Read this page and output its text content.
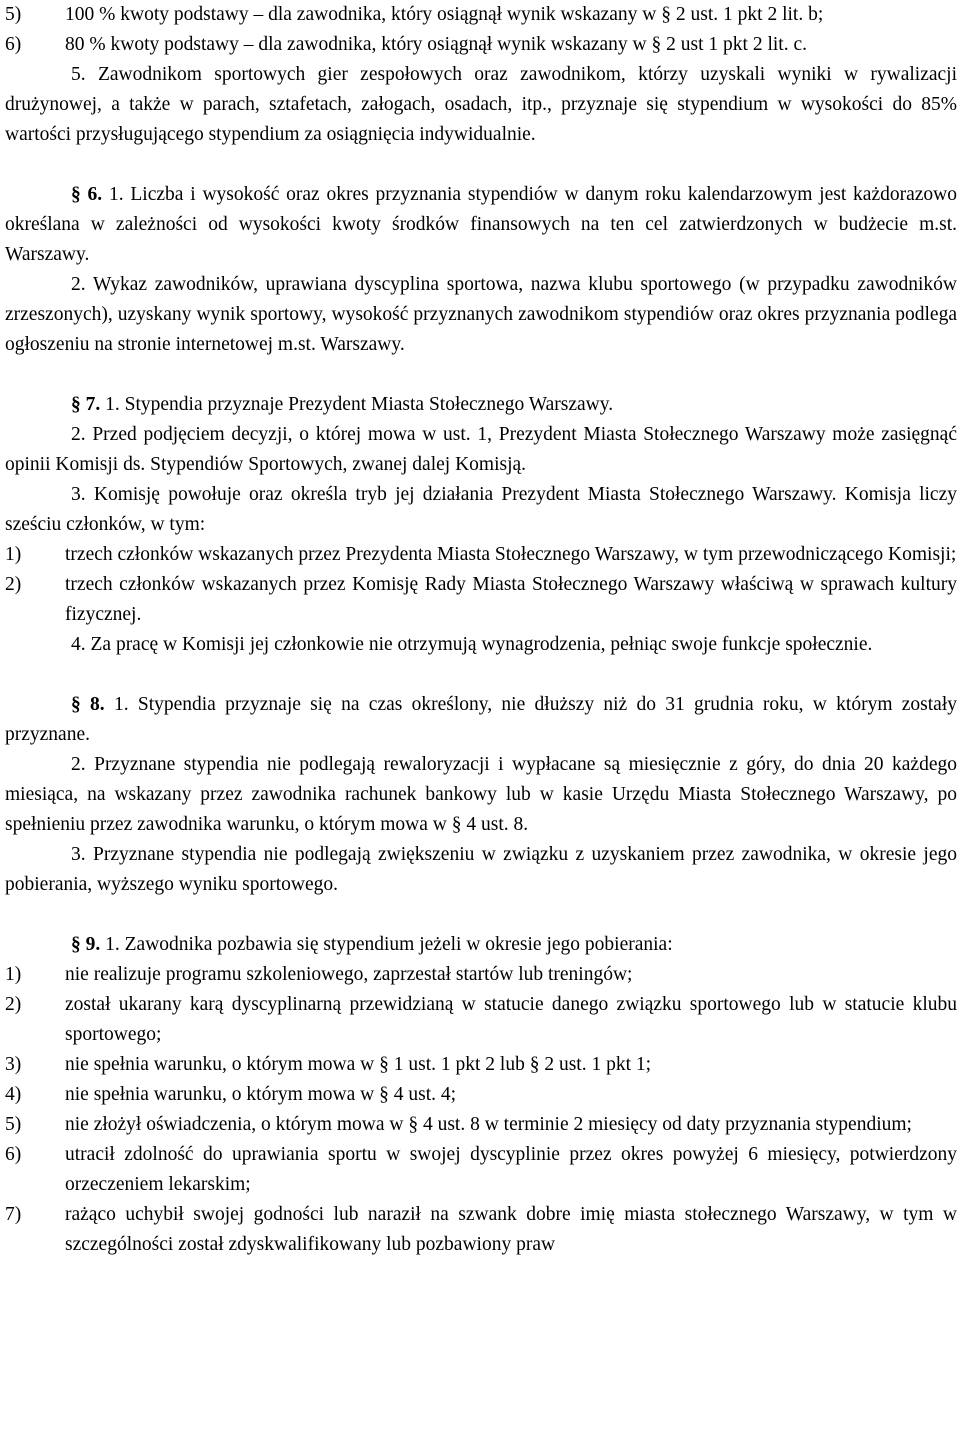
5)	100 % kwoty podstawy – dla zawodnika, który osiągnął wynik wskazany w § 2 ust. 1 pkt 2 lit. b;
6)	80 % kwoty podstawy – dla zawodnika, który osiągnął wynik wskazany w § 2 ust 1 pkt 2 lit. c.

5. Zawodnikom sportowych gier zespołowych oraz zawodnikom, którzy uzyskali wyniki w rywalizacji drużynowej, a także w parach, sztafetach, załogach, osadach, itp., przyznaje się stypendium w wysokości do 85% wartości przysługującego stypendium za osiągnięcia indywidualnie.

§ 6. 1. Liczba i wysokość oraz okres przyznania stypendiów w danym roku kalendarzowym jest każdorazowo określana w zależności od wysokości kwoty środków finansowych na ten cel zatwierdzonych w budżecie m.st. Warszawy.

2. Wykaz zawodników, uprawiana dyscyplina sportowa, nazwa klubu sportowego (w przypadku zawodników zrzeszonych), uzyskany wynik sportowy, wysokość przyznanych zawodnikom stypendiów oraz okres przyznania podlega ogłoszeniu na stronie internetowej m.st. Warszawy.

§ 7. 1. Stypendia przyznaje Prezydent Miasta Stołecznego Warszawy.

2. Przed podjęciem decyzji, o której mowa w ust. 1, Prezydent Miasta Stołecznego Warszawy może zasięgnąć opinii Komisji ds. Stypendiów Sportowych, zwanej dalej Komisją.

3. Komisję powołuje oraz określa tryb jej działania Prezydent Miasta Stołecznego Warszawy. Komisja liczy sześciu członków, w tym:

1)	trzech członków wskazanych przez Prezydenta Miasta Stołecznego Warszawy, w tym przewodniczącego Komisji;
2)	trzech członków wskazanych przez Komisję Rady Miasta Stołecznego Warszawy właściwą w sprawach kultury fizycznej.

4. Za pracę w Komisji jej członkowie nie otrzymują wynagrodzenia, pełniąc swoje funkcje społecznie.

§ 8. 1. Stypendia przyznaje się na czas określony, nie dłuższy niż do 31 grudnia roku, w którym zostały przyznane.

2. Przyznane stypendia nie podlegają rewaloryzacji i wypłacane są miesięcznie z góry, do dnia 20 każdego miesiąca, na wskazany przez zawodnika rachunek bankowy lub w kasie Urzędu Miasta Stołecznego Warszawy, po spełnieniu przez zawodnika warunku, o którym mowa w § 4 ust. 8.

3. Przyznane stypendia nie podlegają zwiększeniu w związku z uzyskaniem przez zawodnika, w okresie jego pobierania, wyższego wyniku sportowego.

§ 9. 1. Zawodnika pozbawia się stypendium jeżeli w okresie jego pobierania:

1)	nie realizuje programu szkoleniowego, zaprzestał startów lub treningów;
2)	został ukarany karą dyscyplinarną przewidzianą w statucie danego związku sportowego lub w statucie klubu sportowego;
3)	nie spełnia warunku, o którym mowa w § 1 ust. 1 pkt 2 lub § 2 ust. 1 pkt 1;
4)	nie spełnia warunku, o którym mowa w § 4 ust. 4;
5)	nie złożył oświadczenia, o którym mowa w § 4 ust. 8 w terminie 2 miesięcy od daty przyznania stypendium;
6)	utracił zdolność do uprawiania sportu w swojej dyscyplinie przez okres powyżej 6 miesięcy, potwierdzony orzeczeniem lekarskim;
7)	rażąco uchybił swojej godności lub naraził na szwank dobre imię miasta stołecznego Warszawy, w tym w szczególności został zdyskwalifikowany lub pozbawiony praw
